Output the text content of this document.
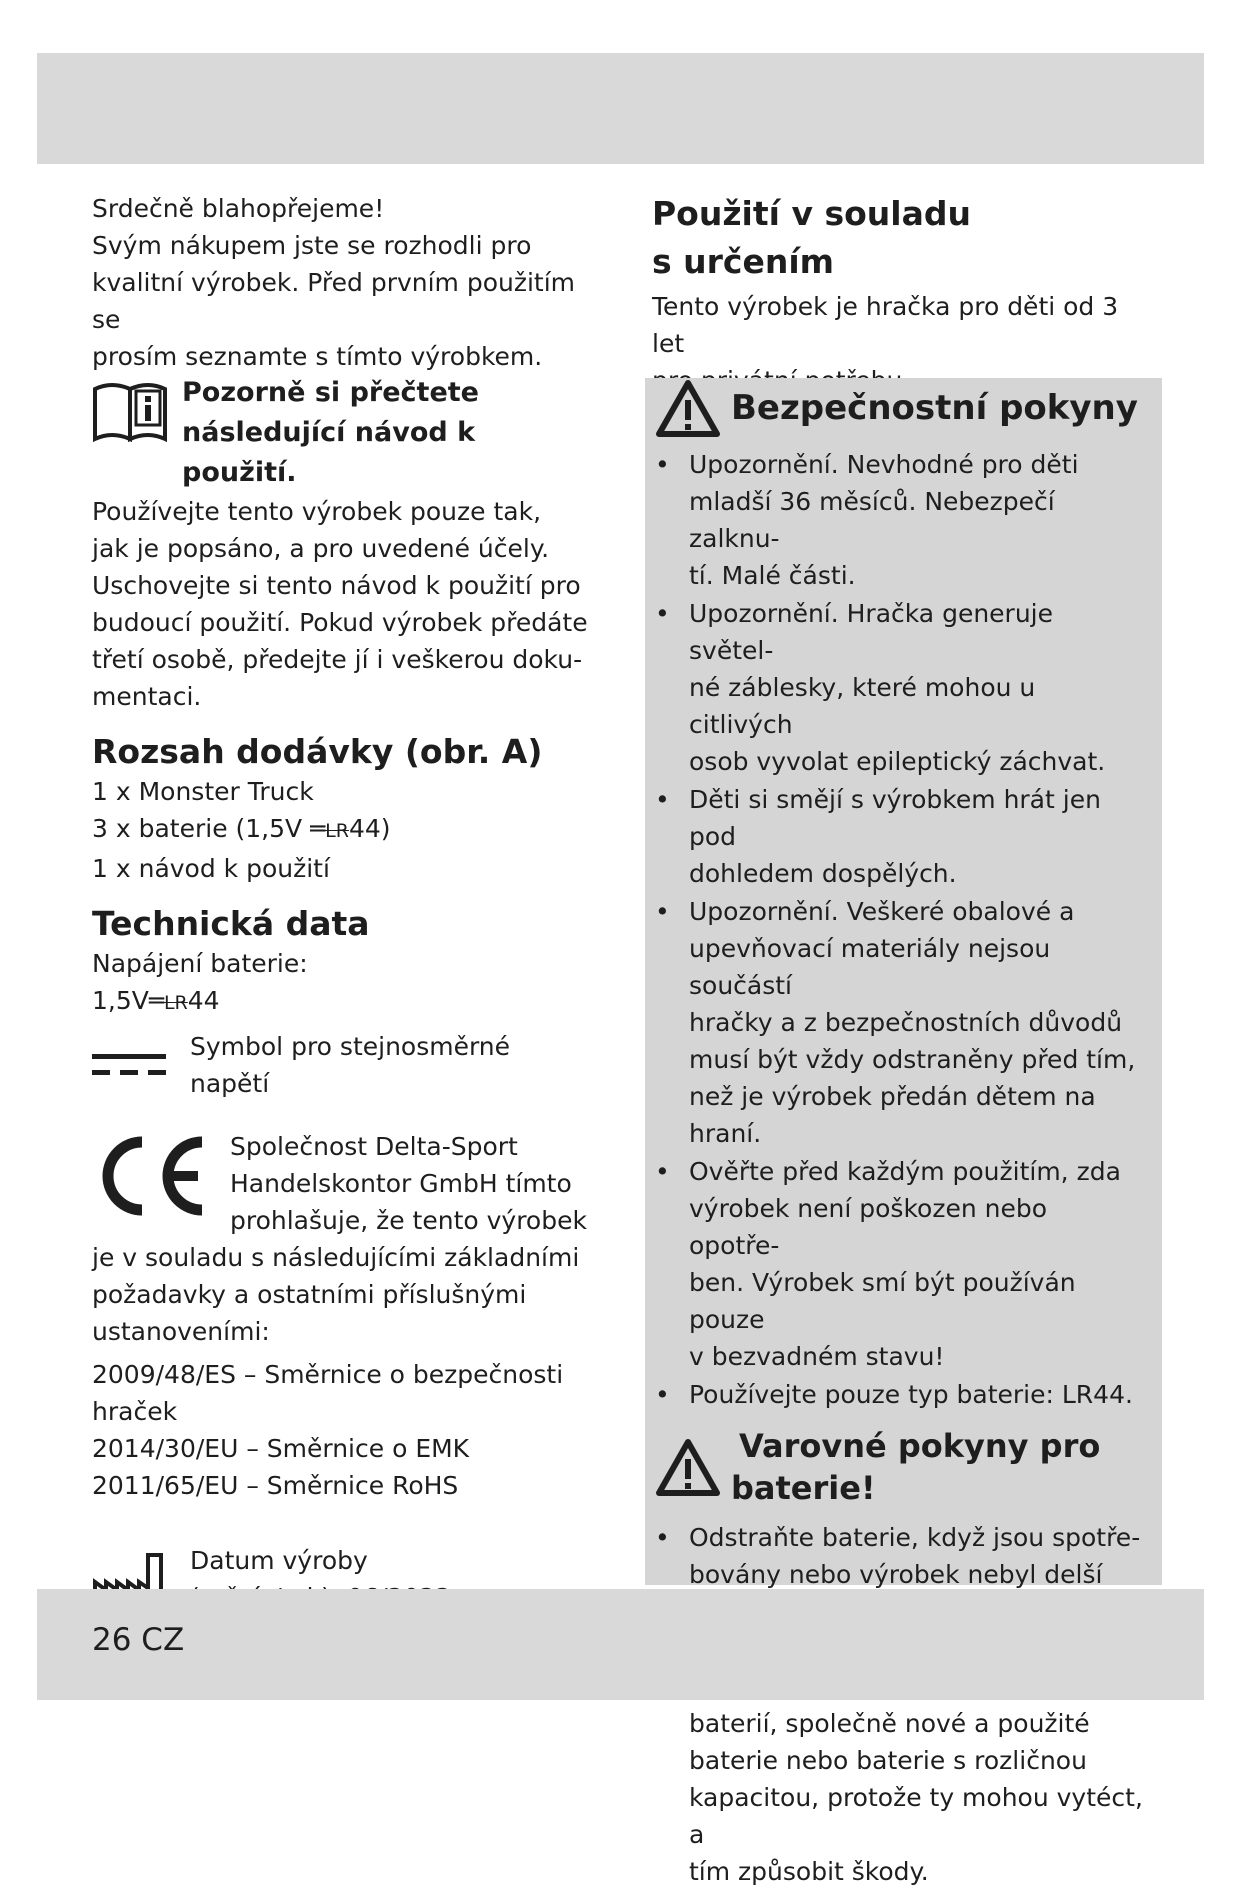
Srdečně blahopřejeme!

Svým nákupem jste se rozhodli pro

kvalitní výrobek. Před prvním použitím se

prosím seznamte s tímto výrobkem.

Pozorně si přečtete

následující návod k použití.

Používejte tento výrobek pouze tak,

jak je popsáno, a pro uvedené účely.

Uschovejte si tento návod k použití pro

budoucí použití. Pokud výrobek předáte

třetí osobě, předejte jí i veškerou doku-

mentaci.

Rozsah dodávky (obr. A)

1 x Monster Truck

3 x baterie (1,5V ═LR44)

1 x návod k použití

Technická data

Napájení baterie:

1,5V═LR44

Symbol pro stejnosměrné napětí

Společnost Delta-Sport

Handelskontor GmbH tímto

prohlašuje, že tento výrobek

je v souladu s následujícími základními

požadavky a ostatními příslušnými

ustanoveními:

2009/48/ES – Směrnice o bezpečnosti

hraček

2014/30/EU – Směrnice o EMK

2011/65/EU – Směrnice RoHS

Datum výroby

Použití v souladu
s určením

Tento výrobek je hračka pro děti od 3 let

Bezpečnostní pokyny
• Upozornění. Nevhodné pro děti
mladší 36 měsíců. Nebezpečí zalknu-
tí. Malé části.
• Upozornění. Hračka generuje světel-
né záblesky, které mohou u citlivých
osob vyvolat epileptický záchvat.
• Děti si smějí s výrobkem hrát jen pod
dohledem dospělých.
• Upozornění. Veškeré obalové a
upevňovací materiály nejsou součástí
hračky a z bezpečnostních důvodů
musí být vždy odstraněny před tím,
než je výrobek předán dětem na
hraní.
• Ověřte před každým použitím, zda
výrobek není poškozen nebo opotře-
ben. Výrobek smí být používán pouze
v bezvadném stavu!
• Používejte pouze typ baterie: LR44.
Varovné pokyny pro
baterie!
• Odstraňte baterie, když jsou spotře-
bovány nebo výrobek nebyl delší

• baterií, společně nové a použité
baterie nebo baterie s rozličnou
kapacitou, protože ty mohou vytéct, a
tím způsobit škody.
26 CZ
